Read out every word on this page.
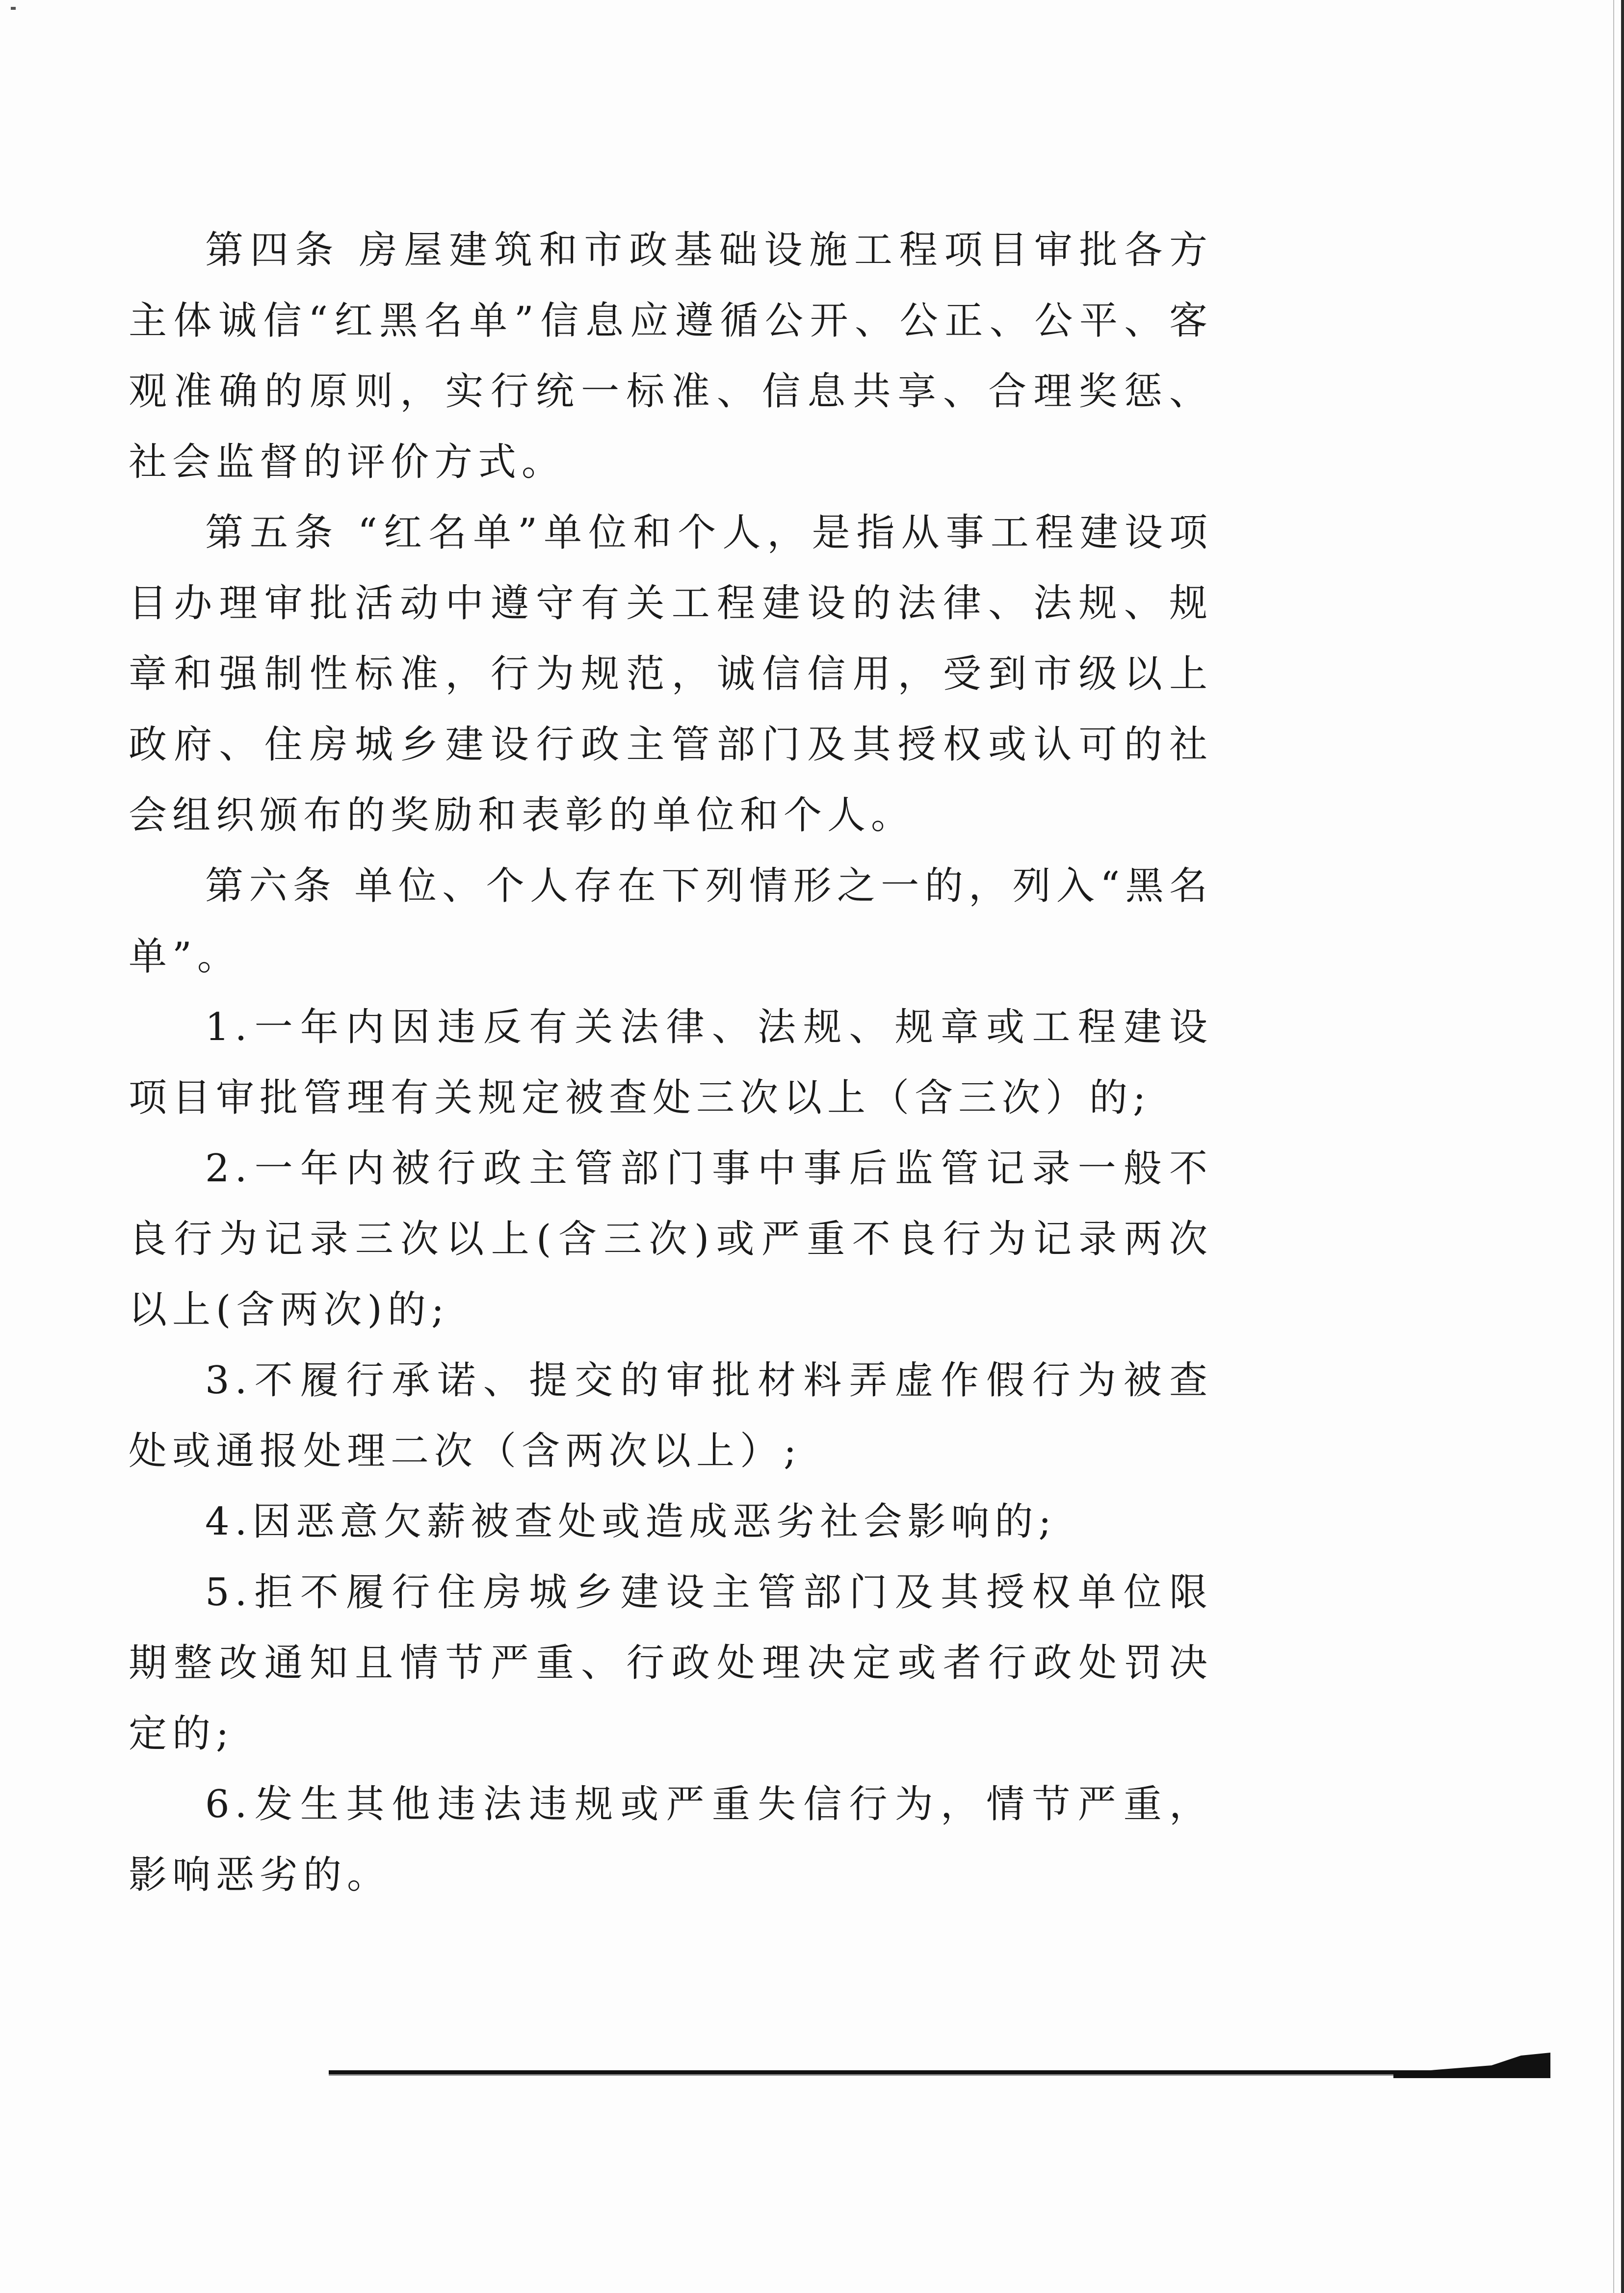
第四条 房屋建筑和市政基础设施工程项目审批各方主体诚信“红黑名单”信息应遵循公开、公正、公平、客观准确的原则，实行统一标准、信息共享、合理奖惩、社会监督的评价方式。

第五条 “红名单”单位和个人，是指从事工程建设项目办理审批活动中遵守有关工程建设的法律、法规、规章和强制性标准，行为规范，诚信信用，受到市级以上政府、住房城乡建设行政主管部门及其授权或认可的社会组织颁布的奖励和表彰的单位和个人。

第六条 单位、个人存在下列情形之一的，列入“黑名单”。

1.一年内因违反有关法律、法规、规章或工程建设项目审批管理有关规定被查处三次以上（含三次）的;

2.一年内被行政主管部门事中事后监管记录一般不良行为记录三次以上(含三次)或严重不良行为记录两次以上(含两次)的;

3.不履行承诺、提交的审批材料弄虚作假行为被查处或通报处理二次（含两次以上）;

4.因恶意欠薪被查处或造成恶劣社会影响的;

5.拒不履行住房城乡建设主管部门及其授权单位限期整改通知且情节严重、行政处理决定或者行政处罚决定的;

6.发生其他违法违规或严重失信行为，情节严重，影响恶劣的。
